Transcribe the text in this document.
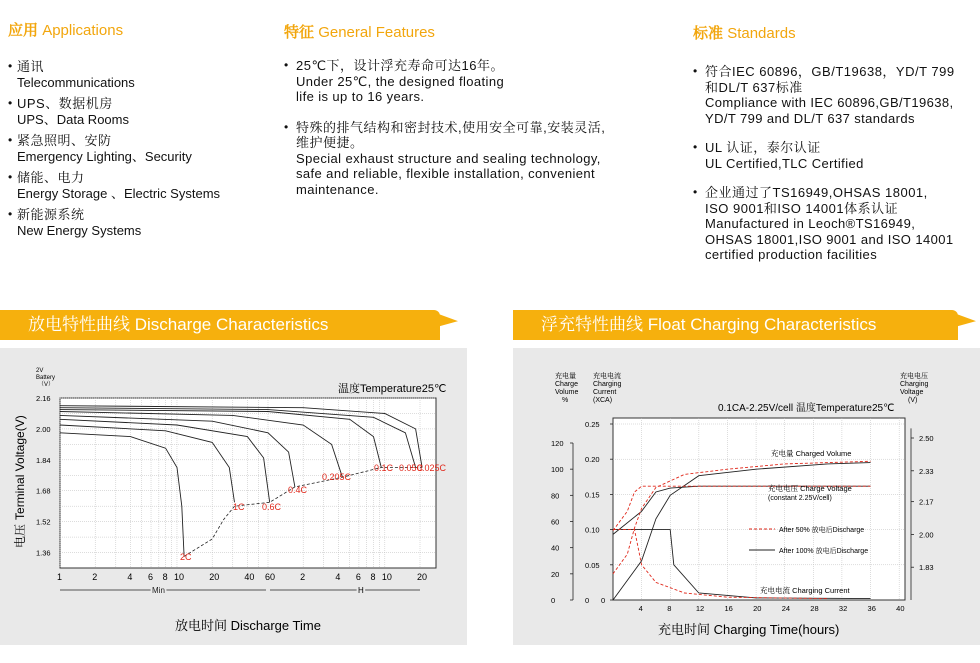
应用 Applications
• 通讯
Telecommunications
• UPS、数据机房
UPS、Data Rooms
• 紧急照明、安防
Emergency Lighting、Security
• 储能、电力
Energy Storage 、Electric Systems
• 新能源系统
New Energy Systems
特征 General Features
• 25℃下，设计浮充寿命可达16年。
Under 25℃, the designed floating
life is up to 16 years.
• 特殊的排气结构和密封技术,使用安全可靠,安装灵活,
维护便捷。
Special exhaust structure and sealing technology,
safe and reliable, flexible installation, convenient
maintenance.
标准 Standards
• 符合IEC 60896，GB/T19638，YD/T 799
和DL/T 637标准
Compliance with IEC 60896,GB/T19638,
YD/T 799 and DL/T 637 standards
• UL 认证，泰尔认证
UL Certified,TLC Certified
• 企业通过了TS16949,OHSAS 18001,
ISO 9001和ISO 14001体系认证
Manufactured in Leoch®TS16949,
OHSAS 18001,ISO 9001 and ISO 14001
certified production facilities
放电特性曲线 Discharge Characteristics	浮充特性曲线 Float Charging Characteristics
2V
Battery
（V）
电压Terminal Voltage(V)
温度Temperature25℃
放电时间 Discharge Time
2.16
2.00
1.84
1.68
1.52
1.36
1	2	4 6 8 10	20	40 60	2	4 6 8 10	20
Min	H
2C
1C 0.6C
0.4C
0.205C
0.1C 0.05C
0.025C
充电量
Charge
Volume
%
充电电流
Charging
Current
(XCA)
充电电压
Charging
Voltage
(V)
0.1CA-2.25V/cell 温度Temperature25℃
充电时间 Charging Time(hours)
120
100
80
60
40
20
0
0.25
0.20
0.15
0.10
0.05
0
2.50
2.33
2.17
2.00
1.83
4	8	12	16	20	24	28	32	36	40
0
充电量 Charged Volume
充电电压 Charge Voltage
(constant 2.25V/cell)
After 50% 放电后Discharge
After 100% 放电后Discharge
充电电流 Charging Current
